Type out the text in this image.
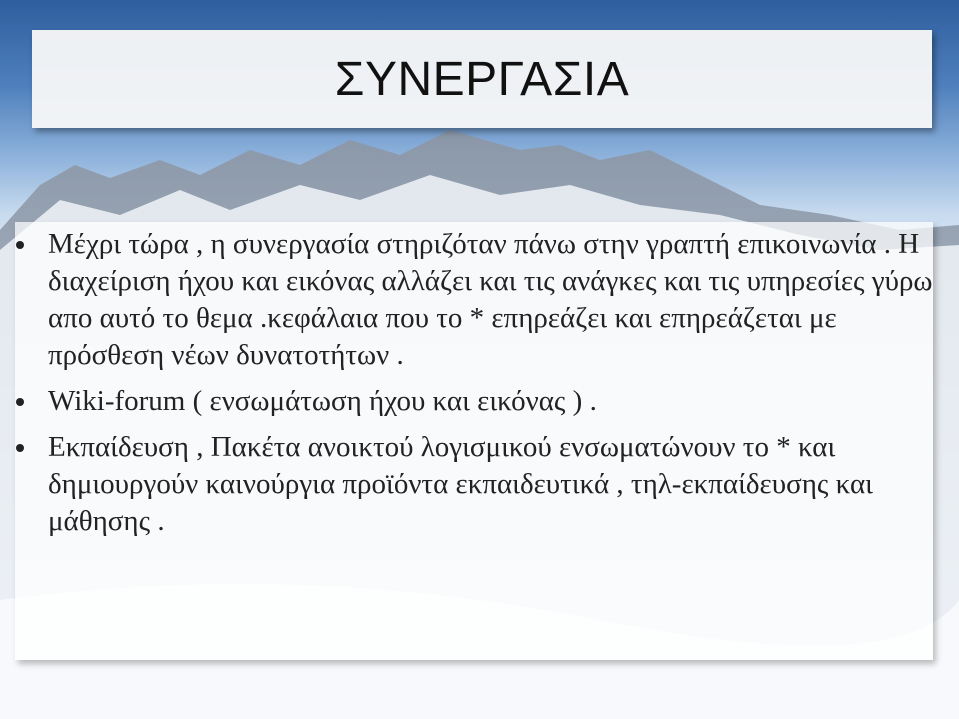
ΣΥΝΕΡΓΑΣΙΑ
Μέχρι τώρα , η συνεργασία στηριζόταν πάνω στην γραπτή επικοινωνία . Η διαχείριση ήχου και εικόνας αλλάζει και τις ανάγκες και τις υπηρεσίες γύρω απο αυτό το θεμα .κεφάλαια που το * επηρεάζει και επηρεάζεται με πρόσθεση νέων δυνατοτήτων .
Wiki-forum ( ενσωμάτωση ήχου και εικόνας ) .
Εκπαίδευση , Πακέτα ανοικτού λογισμικού ενσωματώνουν το * και δημιουργούν καινούργια προϊόντα εκπαιδευτικά , τηλ-εκπαίδευσης και μάθησης .
